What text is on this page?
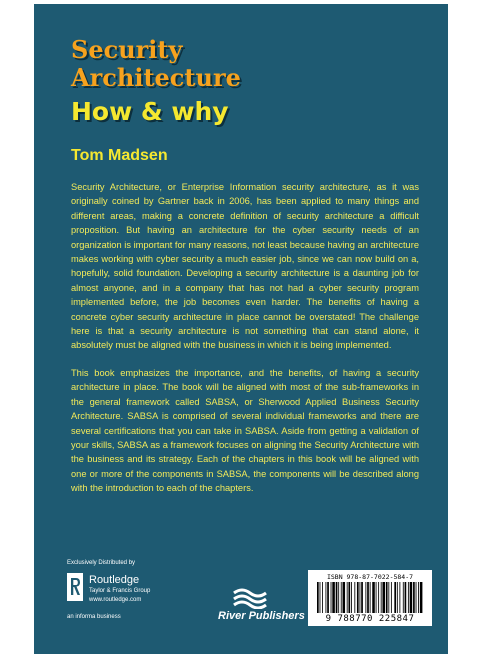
Security
Architecture
How & why
Tom Madsen

Security Architecture, or Enterprise Information security architecture, as it was originally coined by Gartner back in 2006, has been applied to many things and different areas, making a concrete definition of security architecture a difficult proposition. But having an architecture for the cyber security needs of an organization is important for many reasons, not least because having an architecture makes working with cyber security a much easier job, since we can now build on a, hopefully, solid foundation. Developing a security architecture is a daunting job for almost anyone, and in a company that has not had a cyber security program implemented before, the job becomes even harder. The benefits of having a concrete cyber security architecture in place cannot be overstated! The challenge here is that a security architecture is not something that can stand alone, it absolutely must be aligned with the business in which it is being implemented.

This book emphasizes the importance, and the benefits, of having a security architecture in place. The book will be aligned with most of the sub-frameworks in the general framework called SABSA, or Sherwood Applied Business Security Architecture. SABSA is comprised of several individual frameworks and there are several certifications that you can take in SABSA. Aside from getting a validation of your skills, SABSA as a framework focuses on aligning the Security Architecture with the business and its strategy. Each of the chapters in this book will be aligned with one or more of the components in SABSA, the components will be described along with the introduction to each of the chapters.

Exclusively Distributed by
Routledge
Taylor & Francis Group
www.routledge.com
an informa business	River Publishers
ISBN 978-87-7022-584-7
9 788770 225847
